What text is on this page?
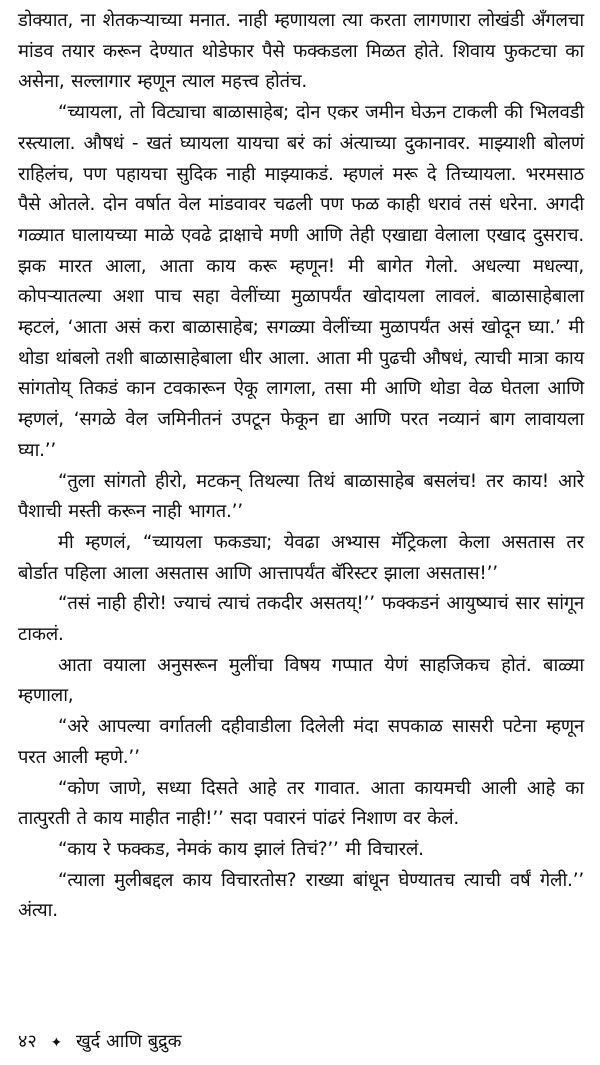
डोक्यात, ना शेतकऱ्याच्या मनात. नाही म्हणायला त्या करता लागणारा लोखंडी अँगलचा मांडव तयार करून देण्यात थोडेफार पैसे फक्कडला मिळत होते. शिवाय फुकटचा का असेना, सल्लागार म्हणून त्याल महत्त्व होतंच.

“च्यायला, तो विट्याचा बाळासाहेब; दोन एकर जमीन घेऊन टाकली की भिलवडी रस्त्याला. औषधं - खतं घ्यायला यायचा बरं कां अंत्याच्या दुकानावर. माझ्याशी बोलणं राहिलंच, पण पहायचा सुदिक नाही माझ्याकडं. म्हणलं मरू दे तिच्यायला. भरमसाठ पैसे ओतले. दोन वर्षात वेल मांडवावर चढली पण फळ काही धरावं तसं धरेना. अगदी गळ्यात घालायच्या माळे एवढे द्राक्षाचे मणी आणि तेही एखाद्या वेलाला एखाद दुसराच. झक मारत आला, आता काय करू म्हणून! मी बागेत गेलो. अधल्या मधल्या, कोपऱ्यातल्या अशा पाच सहा वेलींच्या मुळापर्यंत खोदायला लावलं. बाळासाहेबाला म्हटलं, ‘आता असं करा बाळासाहेब; सगळ्या वेलींच्या मुळापर्यंत असं खोदून घ्या.’ मी थोडा थांबलो तशी बाळासाहेबाला धीर आला. आता मी पुढची औषधं, त्याची मात्रा काय सांगतोय् तिकडं कान टवकारून ऐकू लागला, तसा मी आणि थोडा वेळ घेतला आणि म्हणलं, ‘सगळे वेल जमिनीतनं उपटून फेकून द्या आणि परत नव्यानं बाग लावायला घ्या.’’

“तुला सांगतो हीरो, मटकन् तिथल्या तिथं बाळासाहेब बसलंच! तर काय! आरे पैशाची मस्ती करून नाही भागत.’’

मी म्हणलं, “च्यायला फकड्या; येवढा अभ्यास मॅट्रिकला केला असतास तर बोर्डात पहिला आला असतास आणि आत्तापर्यंत बॅरिस्टर झाला असतास!’’

“तसं नाही हीरो! ज्याचं त्याचं तकदीर असतय्!’’ फक्कडनं आयुष्याचं सार सांगून टाकलं.

आता वयाला अनुसरून मुलींचा विषय गप्पात येणं साहजिकच होतं. बाळ्या म्हणाला,

“अरे आपल्या वर्गातली दहीवाडीला दिलेली मंदा सपकाळ सासरी पटेना म्हणून परत आली म्हणे.’’

“कोण जाणे, सध्या दिसते आहे तर गावात. आता कायमची आली आहे का तात्पुरती ते काय माहीत नाही!’’ सदा पवारनं पांढरं निशाण वर केलं.

“काय रे फक्कड, नेमकं काय झालं तिचं?’’ मी विचारलं.

“त्याला मुलीबद्दल काय विचारतोस? राख्या बांधून घेण्यातच त्याची वर्षं गेली.’’ अंत्या.

४२ ✦ खुर्द आणि बुद्रुक
